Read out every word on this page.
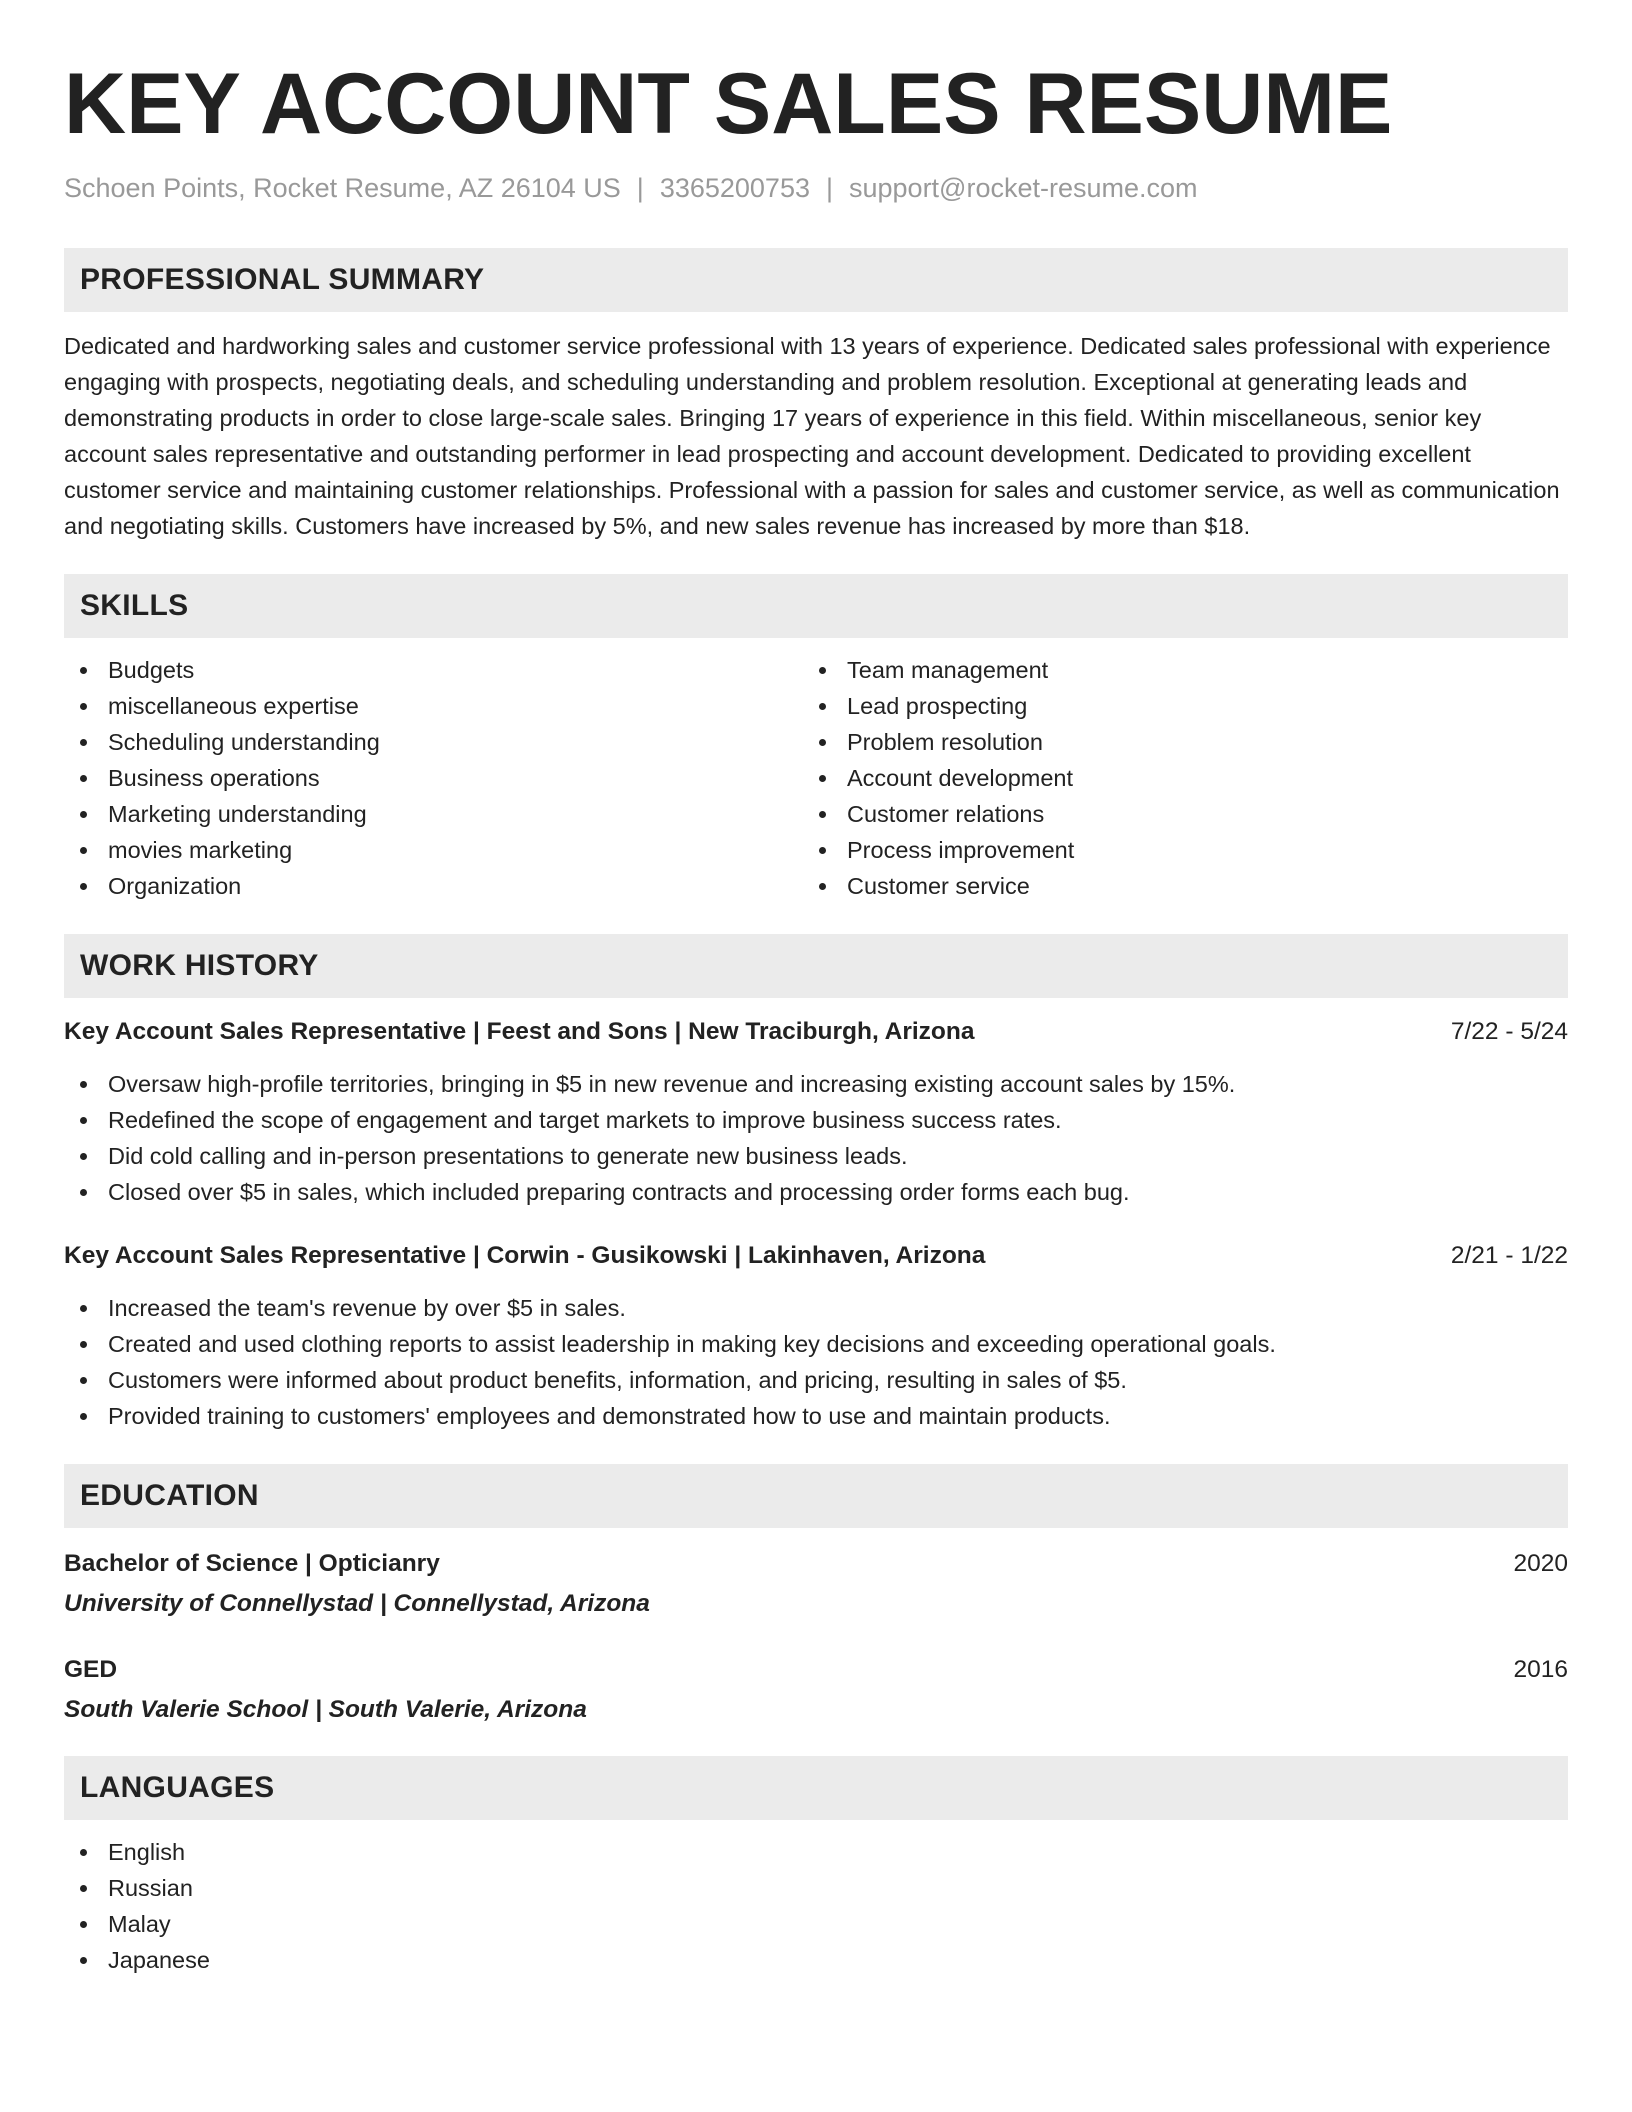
KEY ACCOUNT SALES RESUME
Schoen Points, Rocket Resume, AZ 26104 US | 3365200753 | support@rocket-resume.com
PROFESSIONAL SUMMARY
Dedicated and hardworking sales and customer service professional with 13 years of experience. Dedicated sales professional with experience engaging with prospects, negotiating deals, and scheduling understanding and problem resolution. Exceptional at generating leads and demonstrating products in order to close large-scale sales. Bringing 17 years of experience in this field. Within miscellaneous, senior key account sales representative and outstanding performer in lead prospecting and account development. Dedicated to providing excellent customer service and maintaining customer relationships. Professional with a passion for sales and customer service, as well as communication and negotiating skills. Customers have increased by 5%, and new sales revenue has increased by more than $18.
SKILLS
Budgets
miscellaneous expertise
Scheduling understanding
Business operations
Marketing understanding
movies marketing
Organization
Team management
Lead prospecting
Problem resolution
Account development
Customer relations
Process improvement
Customer service
WORK HISTORY
Key Account Sales Representative | Feest and Sons | New Traciburgh, Arizona	7/22 - 5/24
Oversaw high-profile territories, bringing in $5 in new revenue and increasing existing account sales by 15%.
Redefined the scope of engagement and target markets to improve business success rates.
Did cold calling and in-person presentations to generate new business leads.
Closed over $5 in sales, which included preparing contracts and processing order forms each bug.
Key Account Sales Representative | Corwin - Gusikowski | Lakinhaven, Arizona	2/21 - 1/22
Increased the team's revenue by over $5 in sales.
Created and used clothing reports to assist leadership in making key decisions and exceeding operational goals.
Customers were informed about product benefits, information, and pricing, resulting in sales of $5.
Provided training to customers' employees and demonstrated how to use and maintain products.
EDUCATION
Bachelor of Science | Opticianry	2020
University of Connellystad | Connellystad, Arizona
GED	2016
South Valerie School | South Valerie, Arizona
LANGUAGES
English
Russian
Malay
Japanese
